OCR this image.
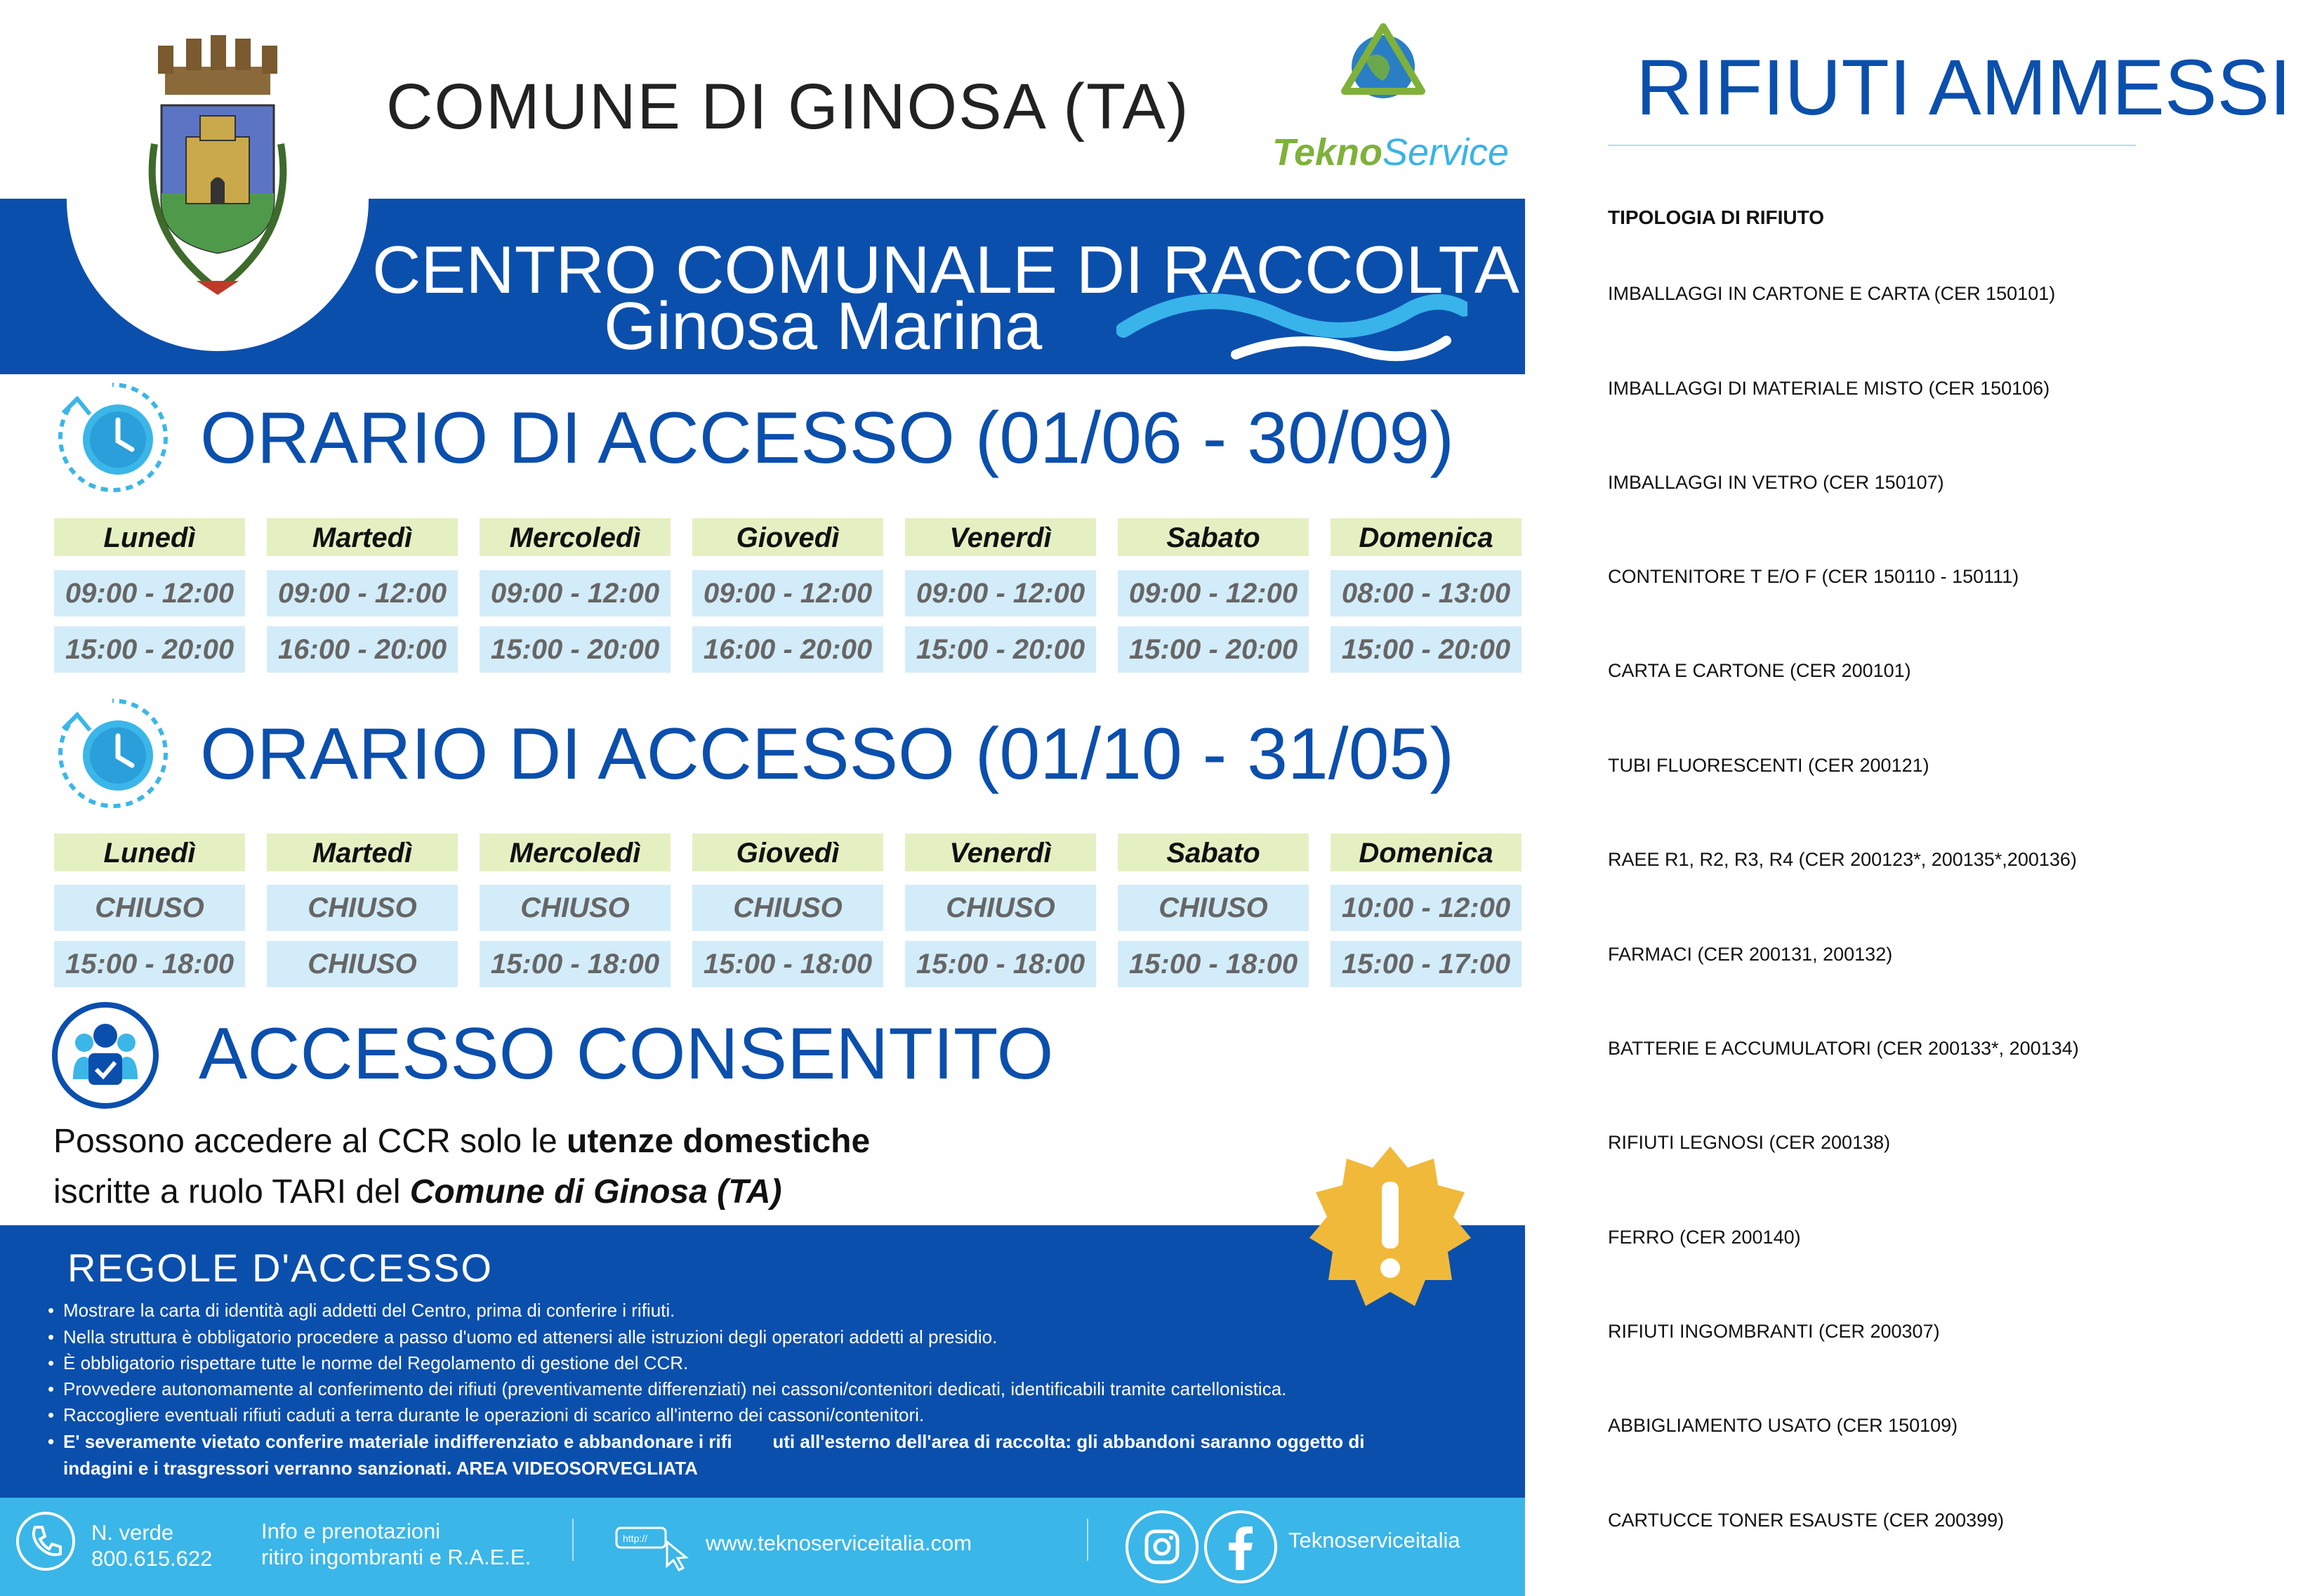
COMUNE DI GINOSA (TA)
TeknoService
CENTRO COMUNALE DI RACCOLTA
Ginosa Marina
ORARIO DI ACCESSO (01/06 - 30/09)
Lunedì	Martedì	Mercoledì	Giovedì	Venerdì	Sabato	Domenica
09:00 - 12:00	09:00 - 12:00	09:00 - 12:00	09:00 - 12:00	09:00 - 12:00	09:00 - 12:00	08:00 - 13:00
15:00 - 20:00	16:00 - 20:00	15:00 - 20:00	16:00 - 20:00	15:00 - 20:00	15:00 - 20:00	15:00 - 20:00
ORARIO DI ACCESSO (01/10 - 31/05)
Lunedì	Martedì	Mercoledì	Giovedì	Venerdì	Sabato	Domenica
CHIUSO	CHIUSO	CHIUSO	CHIUSO	CHIUSO	CHIUSO	10:00 - 12:00
15:00 - 18:00	CHIUSO	15:00 - 18:00	15:00 - 18:00	15:00 - 18:00	15:00 - 18:00	15:00 - 17:00
ACCESSO CONSENTITO
Possono accedere al CCR solo le utenze domestiche
iscritte a ruolo TARI del Comune di Ginosa (TA)
REGOLE D'ACCESSO
• Mostrare la carta di identità agli addetti del Centro, prima di conferire i rifiuti.
• Nella struttura è obbligatorio procedere a passo d'uomo ed attenersi alle istruzioni degli operatori addetti al presidio.
• È obbligatorio rispettare tutte le norme del Regolamento di gestione del CCR.
• Provvedere autonomamente al conferimento dei rifiuti (preventivamente differenziati) nei cassoni/contenitori dedicati, identificabili tramite cartellonistica.
• Raccogliere eventuali rifiuti caduti a terra durante le operazioni di scarico all'interno dei cassoni/contenitori.
• E' severamente vietato conferire materiale indifferenziato e abbandonare i rifi        uti all'esterno dell'area di raccolta: gli abbandoni saranno oggetto di
indagini e i trasgressori verranno sanzionati. AREA VIDEOSORVEGLIATA
N. verde
800.615.622
Info e prenotazioni
ritiro ingombranti e R.A.E.E.
http://	www.teknoserviceitalia.com	Teknoserviceitalia
RIFIUTI AMMESSI
TIPOLOGIA DI RIFIUTO
IMBALLAGGI IN CARTONE E CARTA (CER 150101)
IMBALLAGGI DI MATERIALE MISTO (CER 150106)
IMBALLAGGI IN VETRO (CER 150107)
CONTENITORE T E/O F (CER 150110 - 150111)
CARTA E CARTONE (CER 200101)
TUBI FLUORESCENTI (CER 200121)
RAEE R1, R2, R3, R4 (CER 200123*, 200135*,200136)
FARMACI (CER 200131, 200132)
BATTERIE E ACCUMULATORI (CER 200133*, 200134)
RIFIUTI LEGNOSI (CER 200138)
FERRO (CER 200140)
RIFIUTI INGOMBRANTI (CER 200307)
ABBIGLIAMENTO USATO (CER 150109)
CARTUCCE TONER ESAUSTE (CER 200399)
